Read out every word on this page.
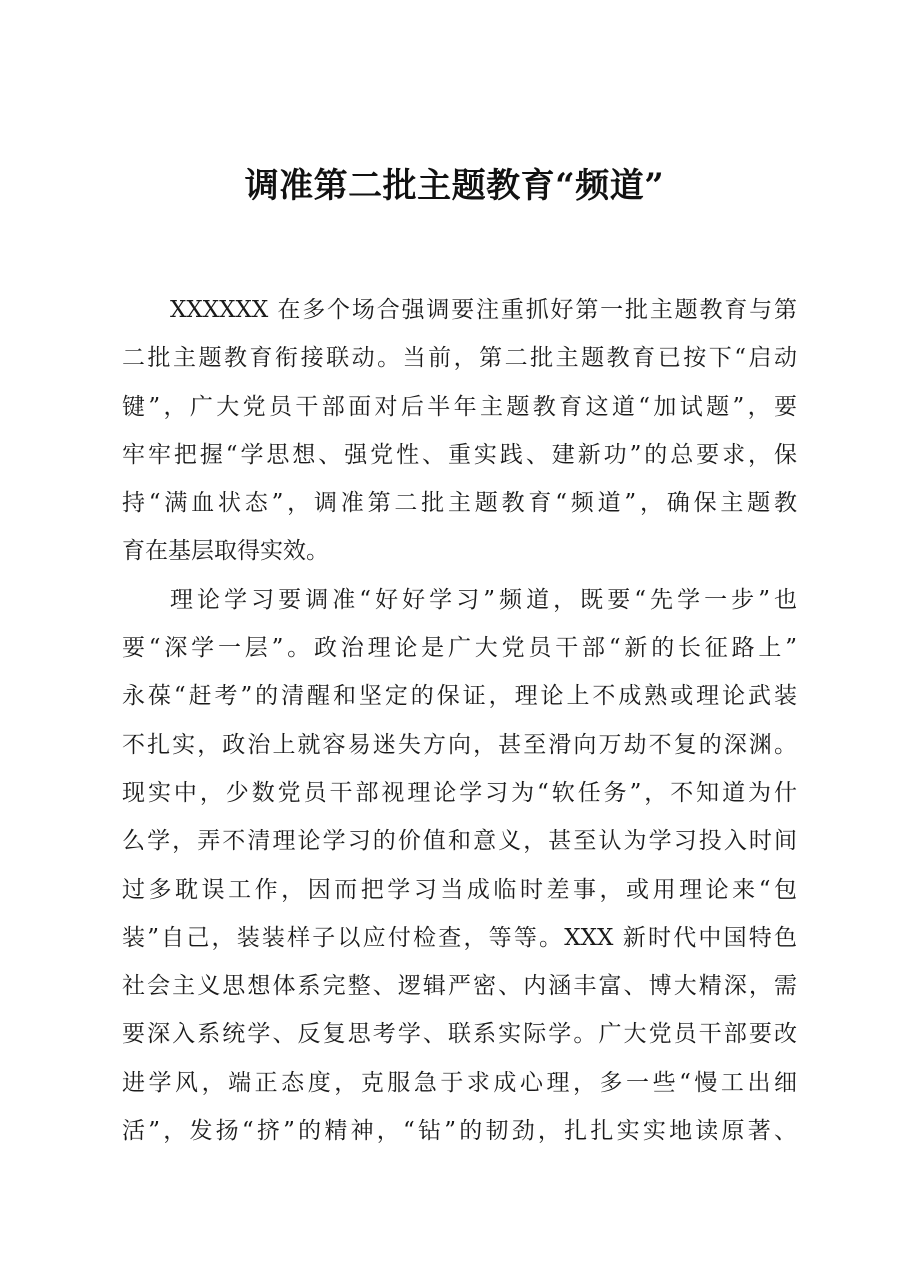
调准第二批主题教育“频道”
XXXXXX 在多个场合强调要注重抓好第一批主题教育与第
二批主题教育衔接联动。当前，第二批主题教育已按下“启动
键”，广大党员干部面对后半年主题教育这道“加试题”，要
牢牢把握“学思想、强党性、重实践、建新功”的总要求，保
持“满血状态”，调准第二批主题教育“频道”，确保主题教
育在基层取得实效。
理论学习要调准“好好学习”频道，既要“先学一步”也
要“深学一层”。政治理论是广大党员干部“新的长征路上”
永葆“赶考”的清醒和坚定的保证，理论上不成熟或理论武装
不扎实，政治上就容易迷失方向，甚至滑向万劫不复的深渊。
现实中，少数党员干部视理论学习为“软任务”，不知道为什
么学，弄不清理论学习的价值和意义，甚至认为学习投入时间
过多耽误工作，因而把学习当成临时差事，或用理论来“包
装”自己，装装样子以应付检查，等等。XXX 新时代中国特色
社会主义思想体系完整、逻辑严密、内涵丰富、博大精深，需
要深入系统学、反复思考学、联系实际学。广大党员干部要改
进学风，端正态度，克服急于求成心理，多一些“慢工出细
活”，发扬“挤”的精神，“钻”的韧劲，扎扎实实地读原著、
